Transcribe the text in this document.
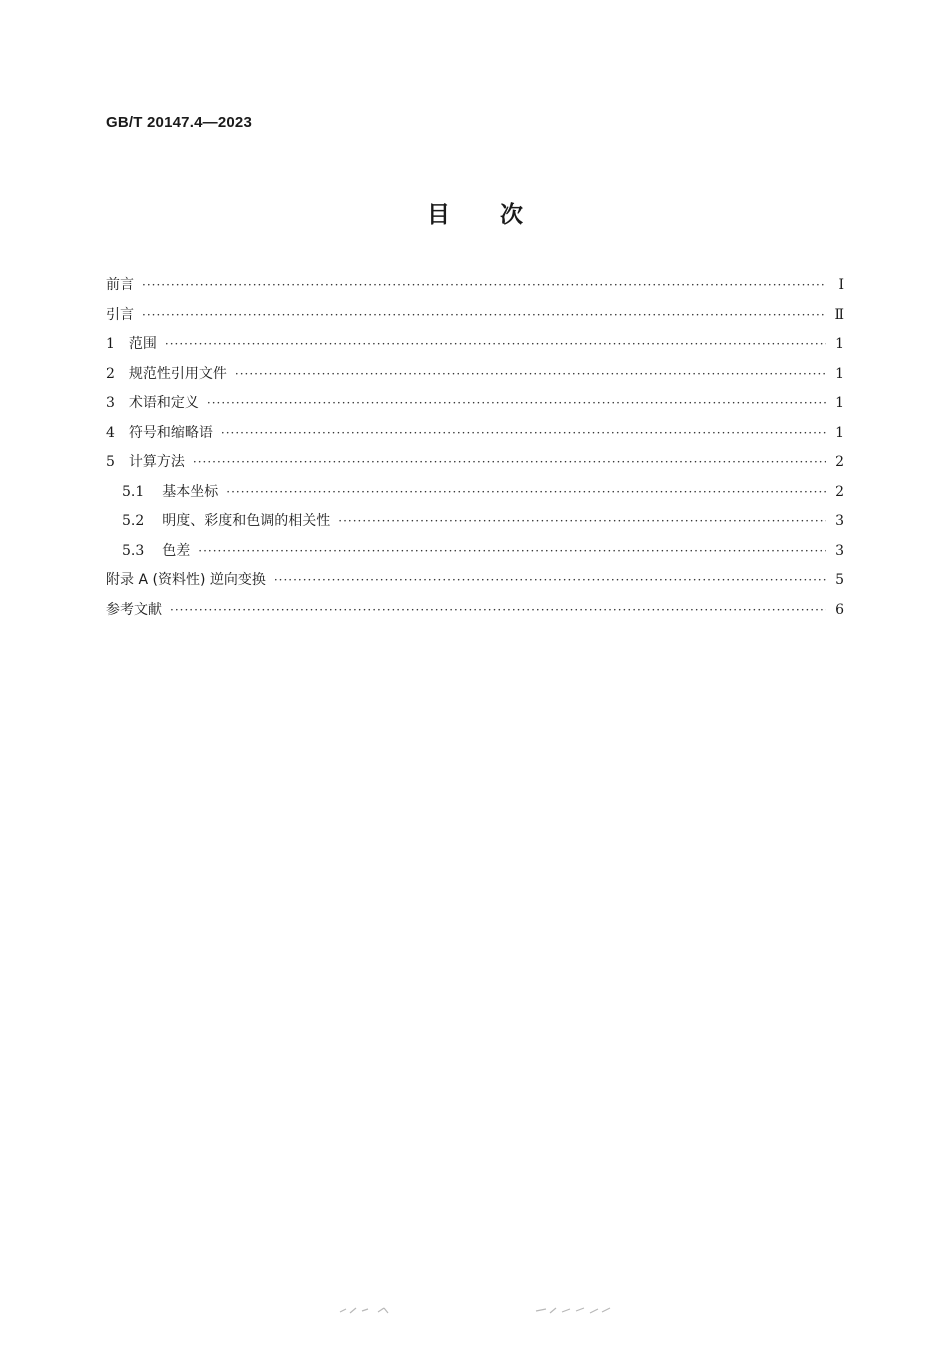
GB/T 20147.4—2023
目 次
前言 ·····	Ⅰ
引言 ·····	Ⅱ
1 范围 ·····	1
2 规范性引用文件 ·····	1
3 术语和定义 ·····	1
4 符号和缩略语 ·····	1
5 计算方法 ·····	2
5.1 基本坐标 ·····	2
5.2 明度、彩度和色调的相关性 ·····	3
5.3 色差 ·····	3
附录 A (资料性) 逆向变换 ·····	5
参考文献 ·····	6
